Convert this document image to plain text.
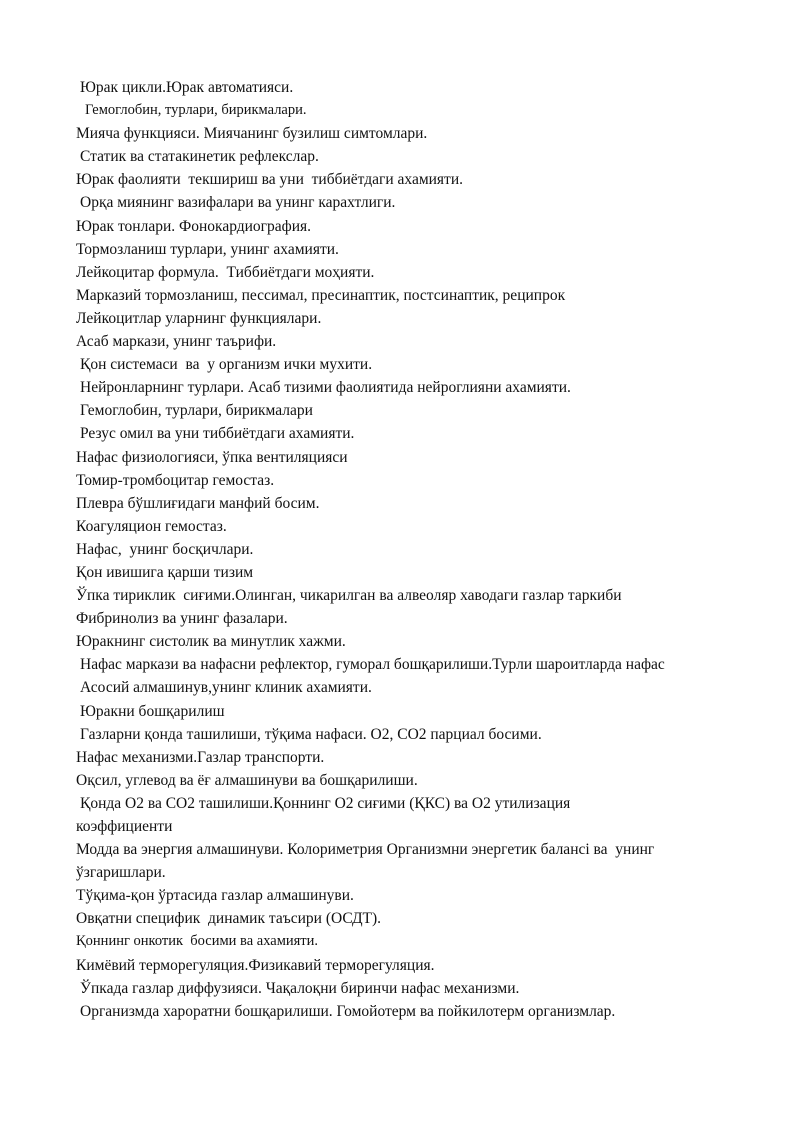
Юрак цикли.Юрак автоматияси.
Гемоглобин, турлари, бирикмалари.
Мияча функцияси. Миячанинг бузилиш симтомлари.
Статик ва статакинетик рефлекслар.
Юрак фаолияти  текшириш ва уни  тиббиётдаги ахамияти.
Орқа миянинг вазифалари ва унинг карахтлиги.
Юрак тонлари. Фонокардиография.
Тормозланиш турлари, унинг ахамияти.
Лейкоцитар формула.  Тиббиётдаги моҳияти.
Марказий тормозланиш, пессимал, пресинаптик, постсинаптик, реципрок
Лейкоцитлар уларнинг функциялари.
Асаб маркази, унинг таърифи.
Қон системаси  ва  у организм ички мухити.
Нейронларнинг турлари. Асаб тизими фаолиятида нейроглияни ахамияти.
Гемоглобин, турлари, бирикмалари
Резус омил ва уни тиббиётдаги ахамияти.
Нафас физиологияси, ўпка вентиляцияси
Томир-тромбоцитар гемостаз.
Плевра бўшлиғидаги манфий босим.
Коагуляцион гемостаз.
Нафас,  унинг босқичлари.
Қон ивишига қарши тизим
Ўпка тириклик  сиғими.Олинган, чикарилган ва алвеоляр хаводаги газлар таркиби
Фибринолиз ва унинг фазалари.
Юракнинг систолик ва минутлик хажми.
Нафас маркази ва нафасни рефлектор, гуморал бошқарилиши.Турли шароитларда нафас
Асосий алмашинув,унинг клиник ахамияти.
Юракни бошқарилиш
Газларни қонда ташилиши, тўқима нафаси. О2, СО2 парциал босими.
Нафас механизми.Газлар транспорти.
Оқсил, углевод ва ёғ алмашинуви ва бошқарилиши.
Қонда О2 ва СО2 ташилиши.Қоннинг О2 сиғими (ҚКС) ва О2 утилизация
коэффициенти
Модда ва энергия алмашинуви. Колориметрия Организмни энергетик балансi ва  унинг
ўзгаришлари.
Тўқима-қон ўртасида газлар алмашинуви.
Овқатни специфик  динамик таъсири (ОСДТ).
Қоннинг онкотик  босими ва ахамияти.
Кимёвий терморегуляция.Физикавий терморегуляция.
Ўпкада газлар диффузияси. Чақалоқни биринчи нафас механизми.
Организмда хароратни бошқарилиши. Гомойотерм ва пойкилотерм организмлар.
